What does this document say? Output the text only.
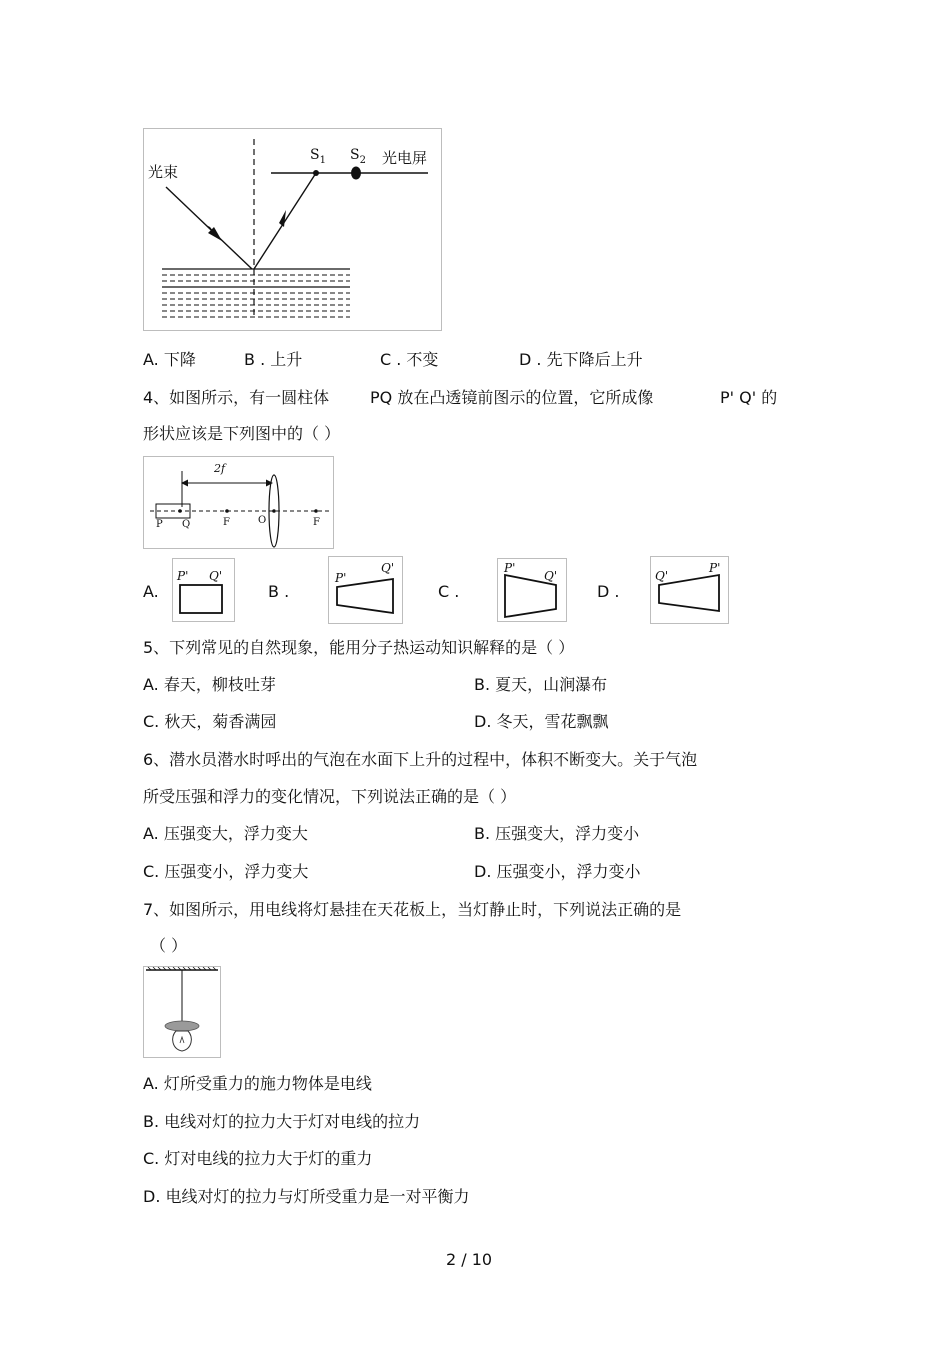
光束
$S_1$ $S_2$ 光电屏
A. 下降	B . 上升	C . 不变	D . 先下降后上升
4、如图所示，有一圆柱体	PQ 放在凸透镜前图示的位置，它所成像	P' Q' 的
形状应该是下列图中的（ ）
2f
P Q	F	O	F
A.
P' Q'
B .
P'
Q'
C .
P'
Q'
D .
Q'
P'
5、下列常见的自然现象，能用分子热运动知识解释的是（ ）
A. 春天，柳枝吐芽	B. 夏天，山涧瀑布
C. 秋天，菊香满园	D. 冬天，雪花飘飘
6、潜水员潜水时呼出的气泡在水面下上升的过程中，体积不断变大。关于气泡
所受压强和浮力的变化情况，下列说法正确的是（ ）
A. 压强变大，浮力变大	B. 压强变大，浮力变小
C. 压强变小，浮力变大	D. 压强变小，浮力变小
7、如图所示，用电线将灯悬挂在天花板上，当灯静止时，下列说法正确的是
（ ）
A. 灯所受重力的施力物体是电线
B. 电线对灯的拉力大于灯对电线的拉力
C. 灯对电线的拉力大于灯的重力
D. 电线对灯的拉力与灯所受重力是一对平衡力
2 / 10
